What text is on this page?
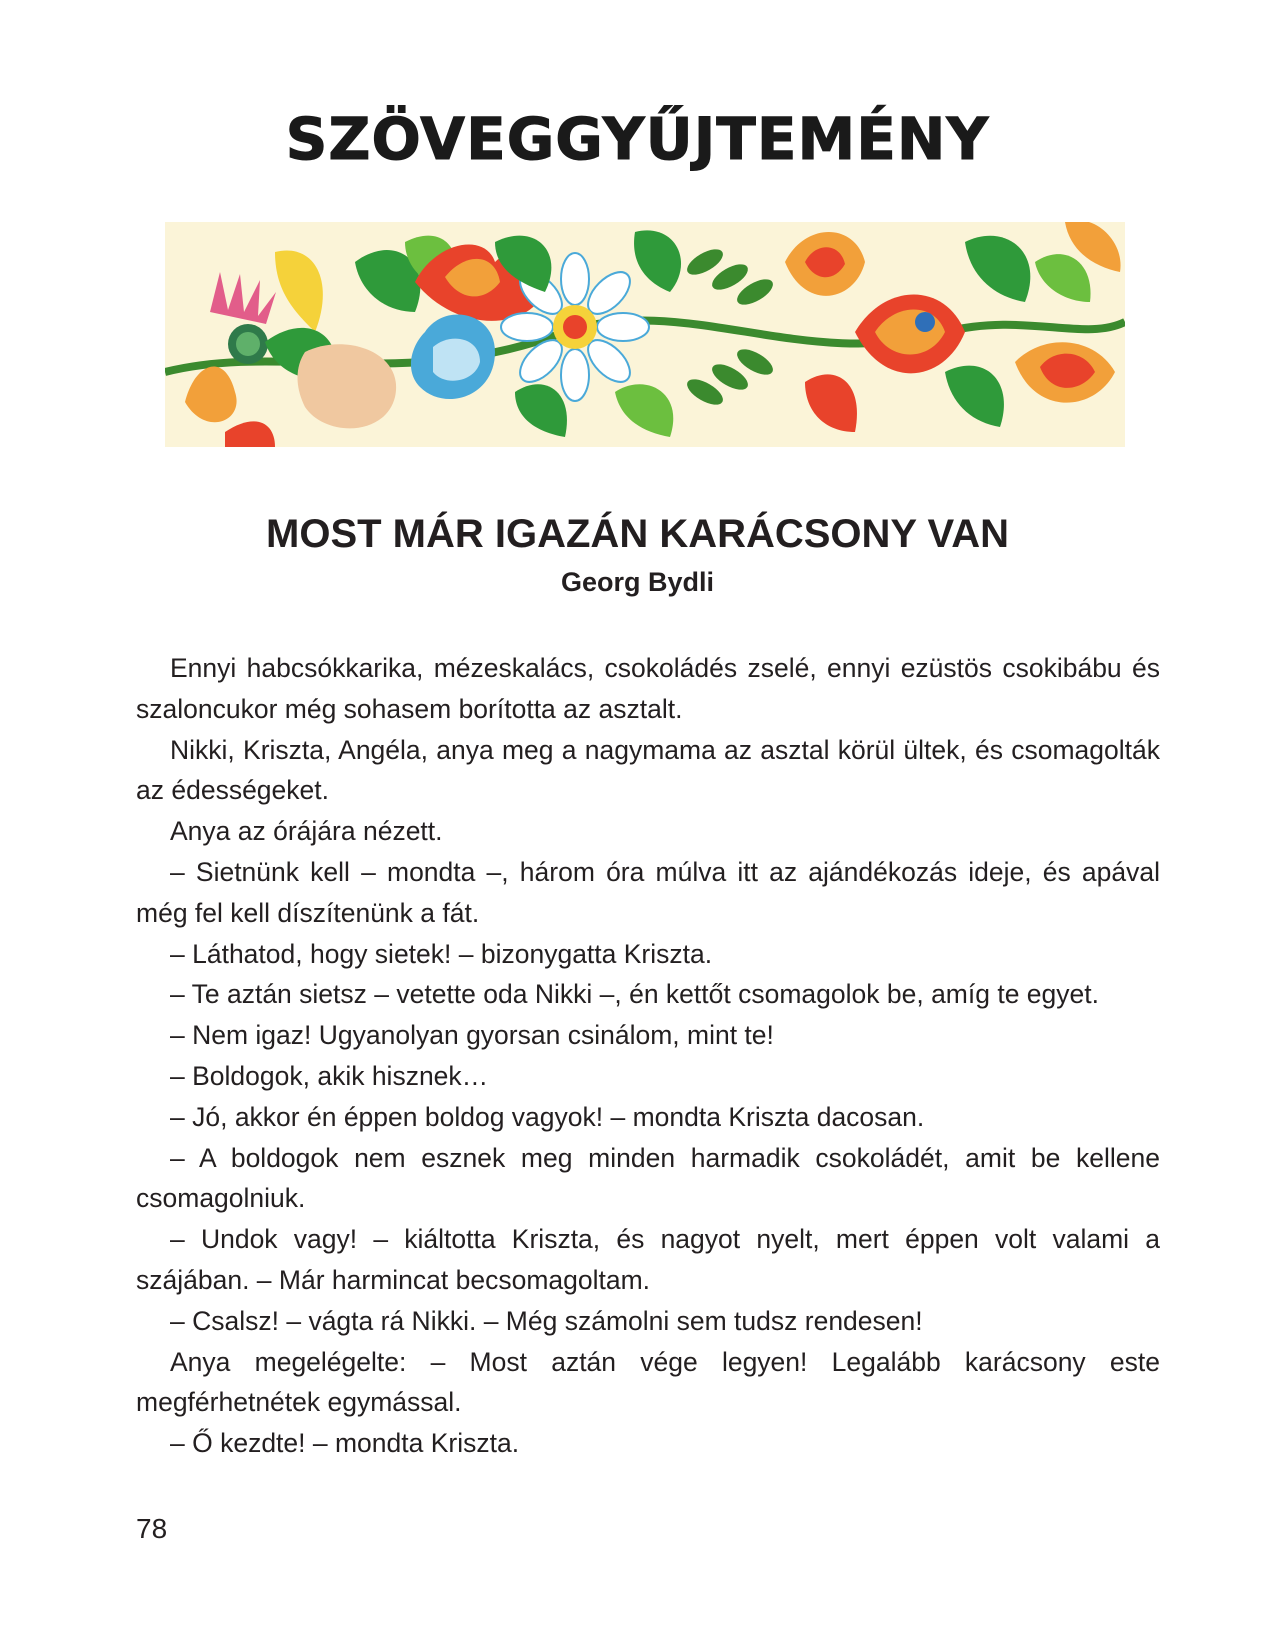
SZÖVEGGYŰJTEMÉNY
MOST MÁR IGAZÁN KARÁCSONY VAN
Georg Bydli

Ennyi habcsókkarika, mézeskalács, csokoládés zselé, ennyi ezüstös csokibábu és szaloncukor még sohasem borította az asztalt.

Nikki, Kriszta, Angéla, anya meg a nagymama az asztal körül ültek, és csomagolták az édességeket.

Anya az órájára nézett.

– Sietnünk kell – mondta –, három óra múlva itt az ajándékozás ideje, és apával még fel kell díszítenünk a fát.

– Láthatod, hogy sietek! – bizonygatta Kriszta.

– Te aztán sietsz – vetette oda Nikki –, én kettőt csomagolok be, amíg te egyet.

– Nem igaz! Ugyanolyan gyorsan csinálom, mint te!

– Boldogok, akik hisznek…

– Jó, akkor én éppen boldog vagyok! – mondta Kriszta dacosan.

– A boldogok nem esznek meg minden harmadik csokoládét, amit be kellene csomagolniuk.

– Undok vagy! – kiáltotta Kriszta, és nagyot nyelt, mert éppen volt valami a szájában. – Már harmincat becsomagoltam.

– Csalsz! – vágta rá Nikki. – Még számolni sem tudsz rendesen!

Anya megelégelte: – Most aztán vége legyen! Legalább karácsony este megférhetnétek egymással.

– Ő kezdte! – mondta Kriszta.

78
